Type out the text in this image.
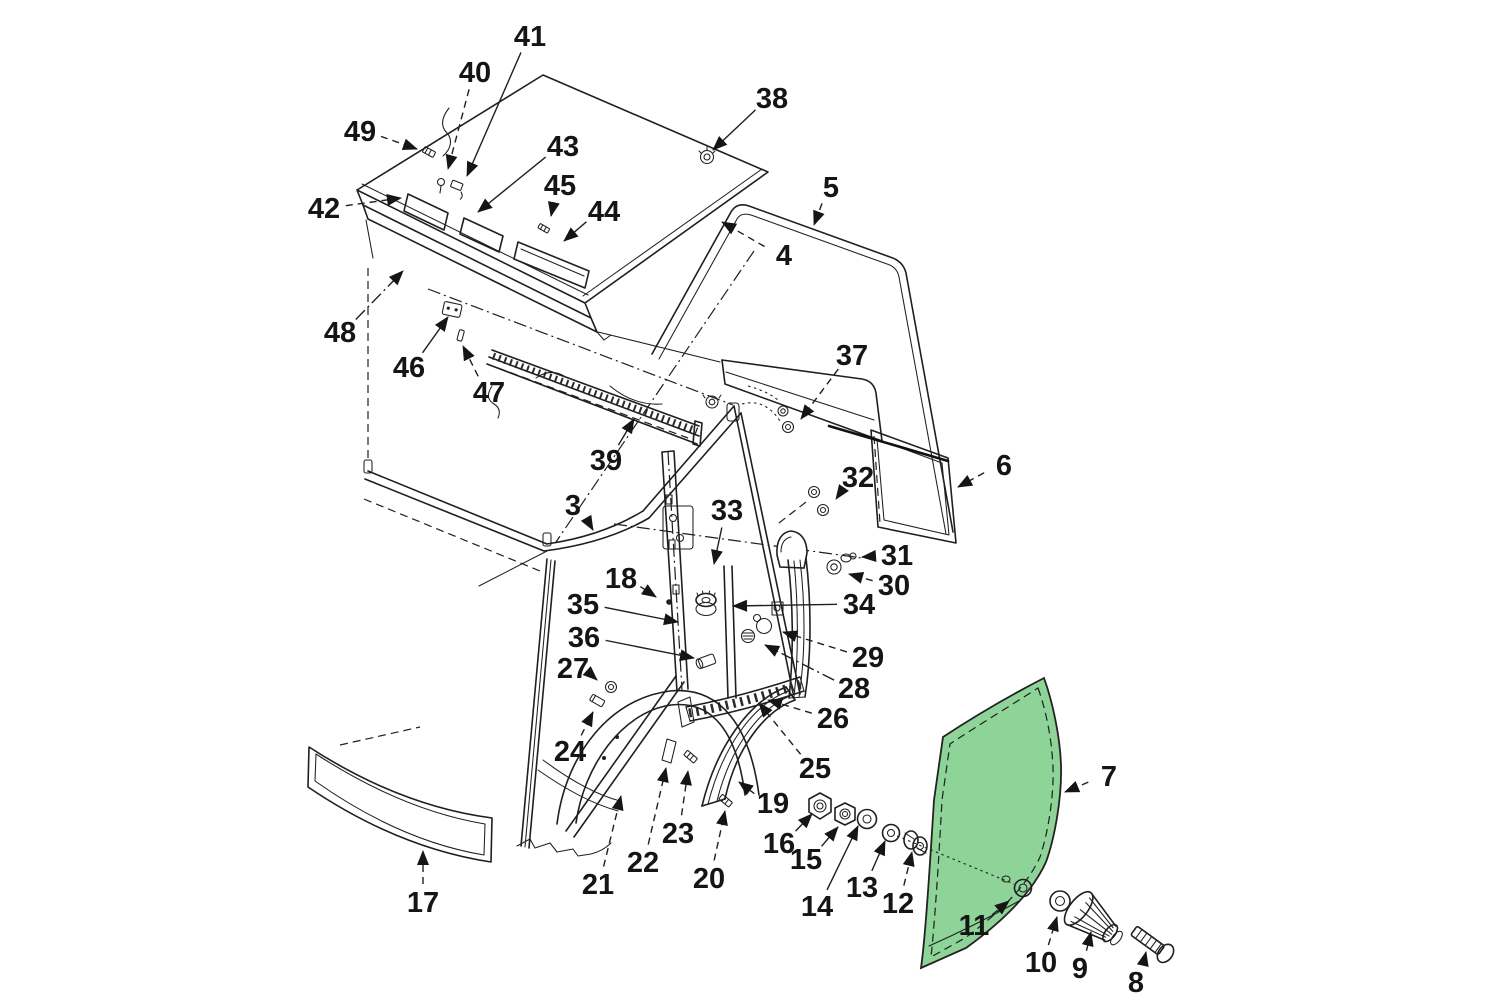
41
40
38
49	43
45	5
44
42
4
48
46	37
47
39	6
32
3	33
31
18	30
35	34
36
29
27
28
26
24
25	7
19
16
23
15
22
13
21
14 12
20
17
11
10 9 8
